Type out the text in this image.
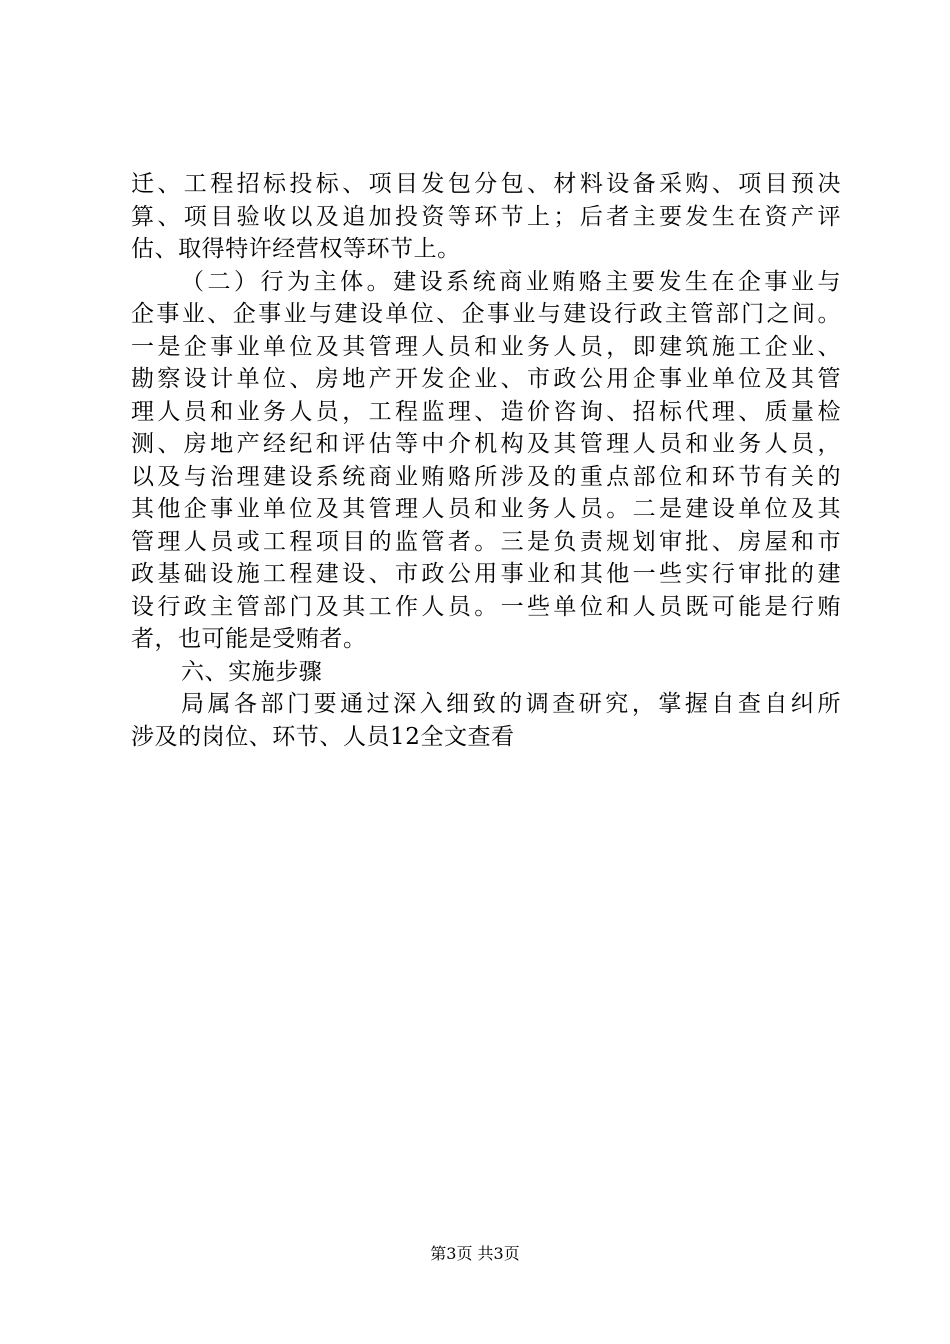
迁、工程招标投标、项目发包分包、材料设备采购、项目预决
算、项目验收以及追加投资等环节上；后者主要发生在资产评
估、取得特许经营权等环节上。
（二）行为主体。建设系统商业贿赂主要发生在企事业与
企事业、企事业与建设单位、企事业与建设行政主管部门之间。
一是企事业单位及其管理人员和业务人员，即建筑施工企业、
勘察设计单位、房地产开发企业、市政公用企事业单位及其管
理人员和业务人员，工程监理、造价咨询、招标代理、质量检
测、房地产经纪和评估等中介机构及其管理人员和业务人员，
以及与治理建设系统商业贿赂所涉及的重点部位和环节有关的
其他企事业单位及其管理人员和业务人员。二是建设单位及其
管理人员或工程项目的监管者。三是负责规划审批、房屋和市
政基础设施工程建设、市政公用事业和其他一些实行审批的建
设行政主管部门及其工作人员。一些单位和人员既可能是行贿
者，也可能是受贿者。
六、实施步骤
局属各部门要通过深入细致的调查研究，掌握自查自纠所
涉及的岗位、环节、人员12全文查看
第3页 共3页
